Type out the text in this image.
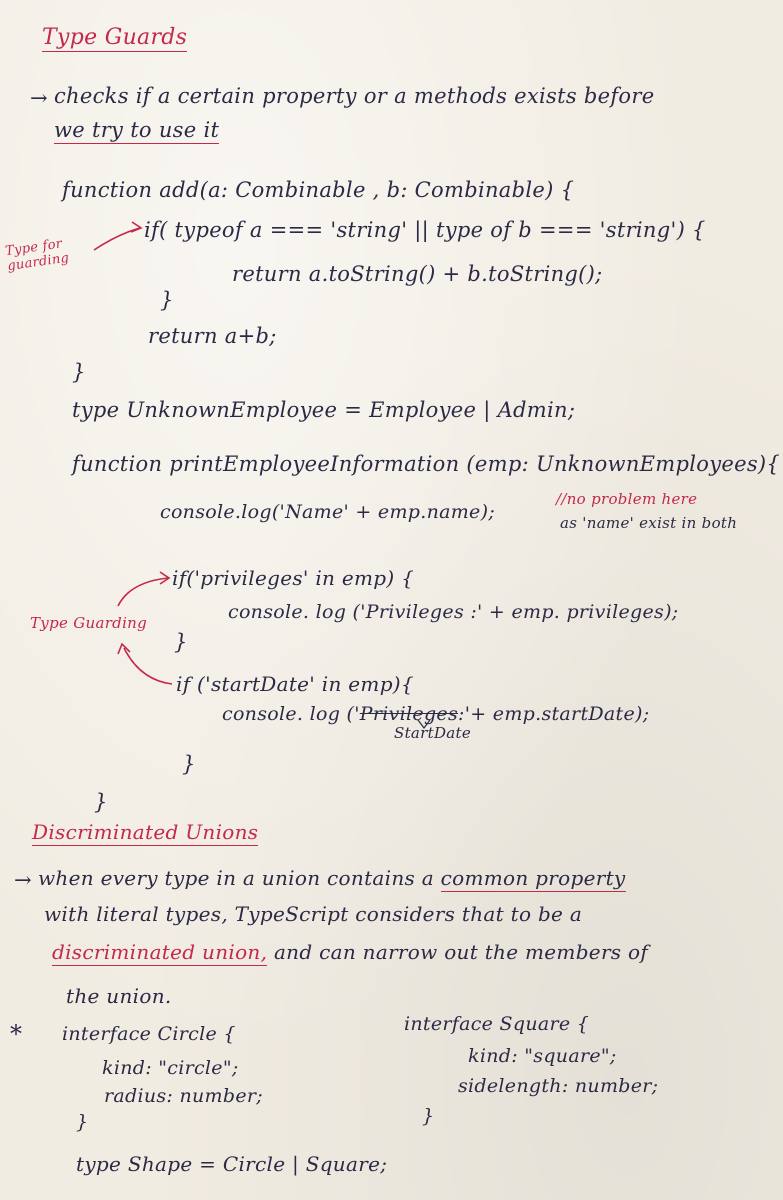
Type Guards
→ checks if a certain property or a methods exists before
we try to use it
function add(a: Combinable , b: Combinable) {
if( typeof a === 'string' || type of b === 'string') {
return a.toString() + b.toString();
}
return a+b;
}
Type for guarding
type UnknownEmployee = Employee | Admin;
function printEmployeeInformation (emp: UnknownEmployees){
console.log('Name' + emp.name);
//no problem here
as 'name' exist in both
if('privileges' in emp) {
console. log ('Privileges :' + emp. privileges);
}
if ('startDate' in emp){
console. log ('Privileges:'+ emp.startDate);
StartDate
}
}
Type Guarding
Discriminated Unions
→ when every type in a union contains a common property
with literal types, TypeScript considers that to be a
discriminated union, and can narrow out the members of
the union.
* interface Circle {
kind: "circle";
radius: number;
}
interface Square {
kind: "square";
sidelength: number;
}
type Shape = Circle | Square;
